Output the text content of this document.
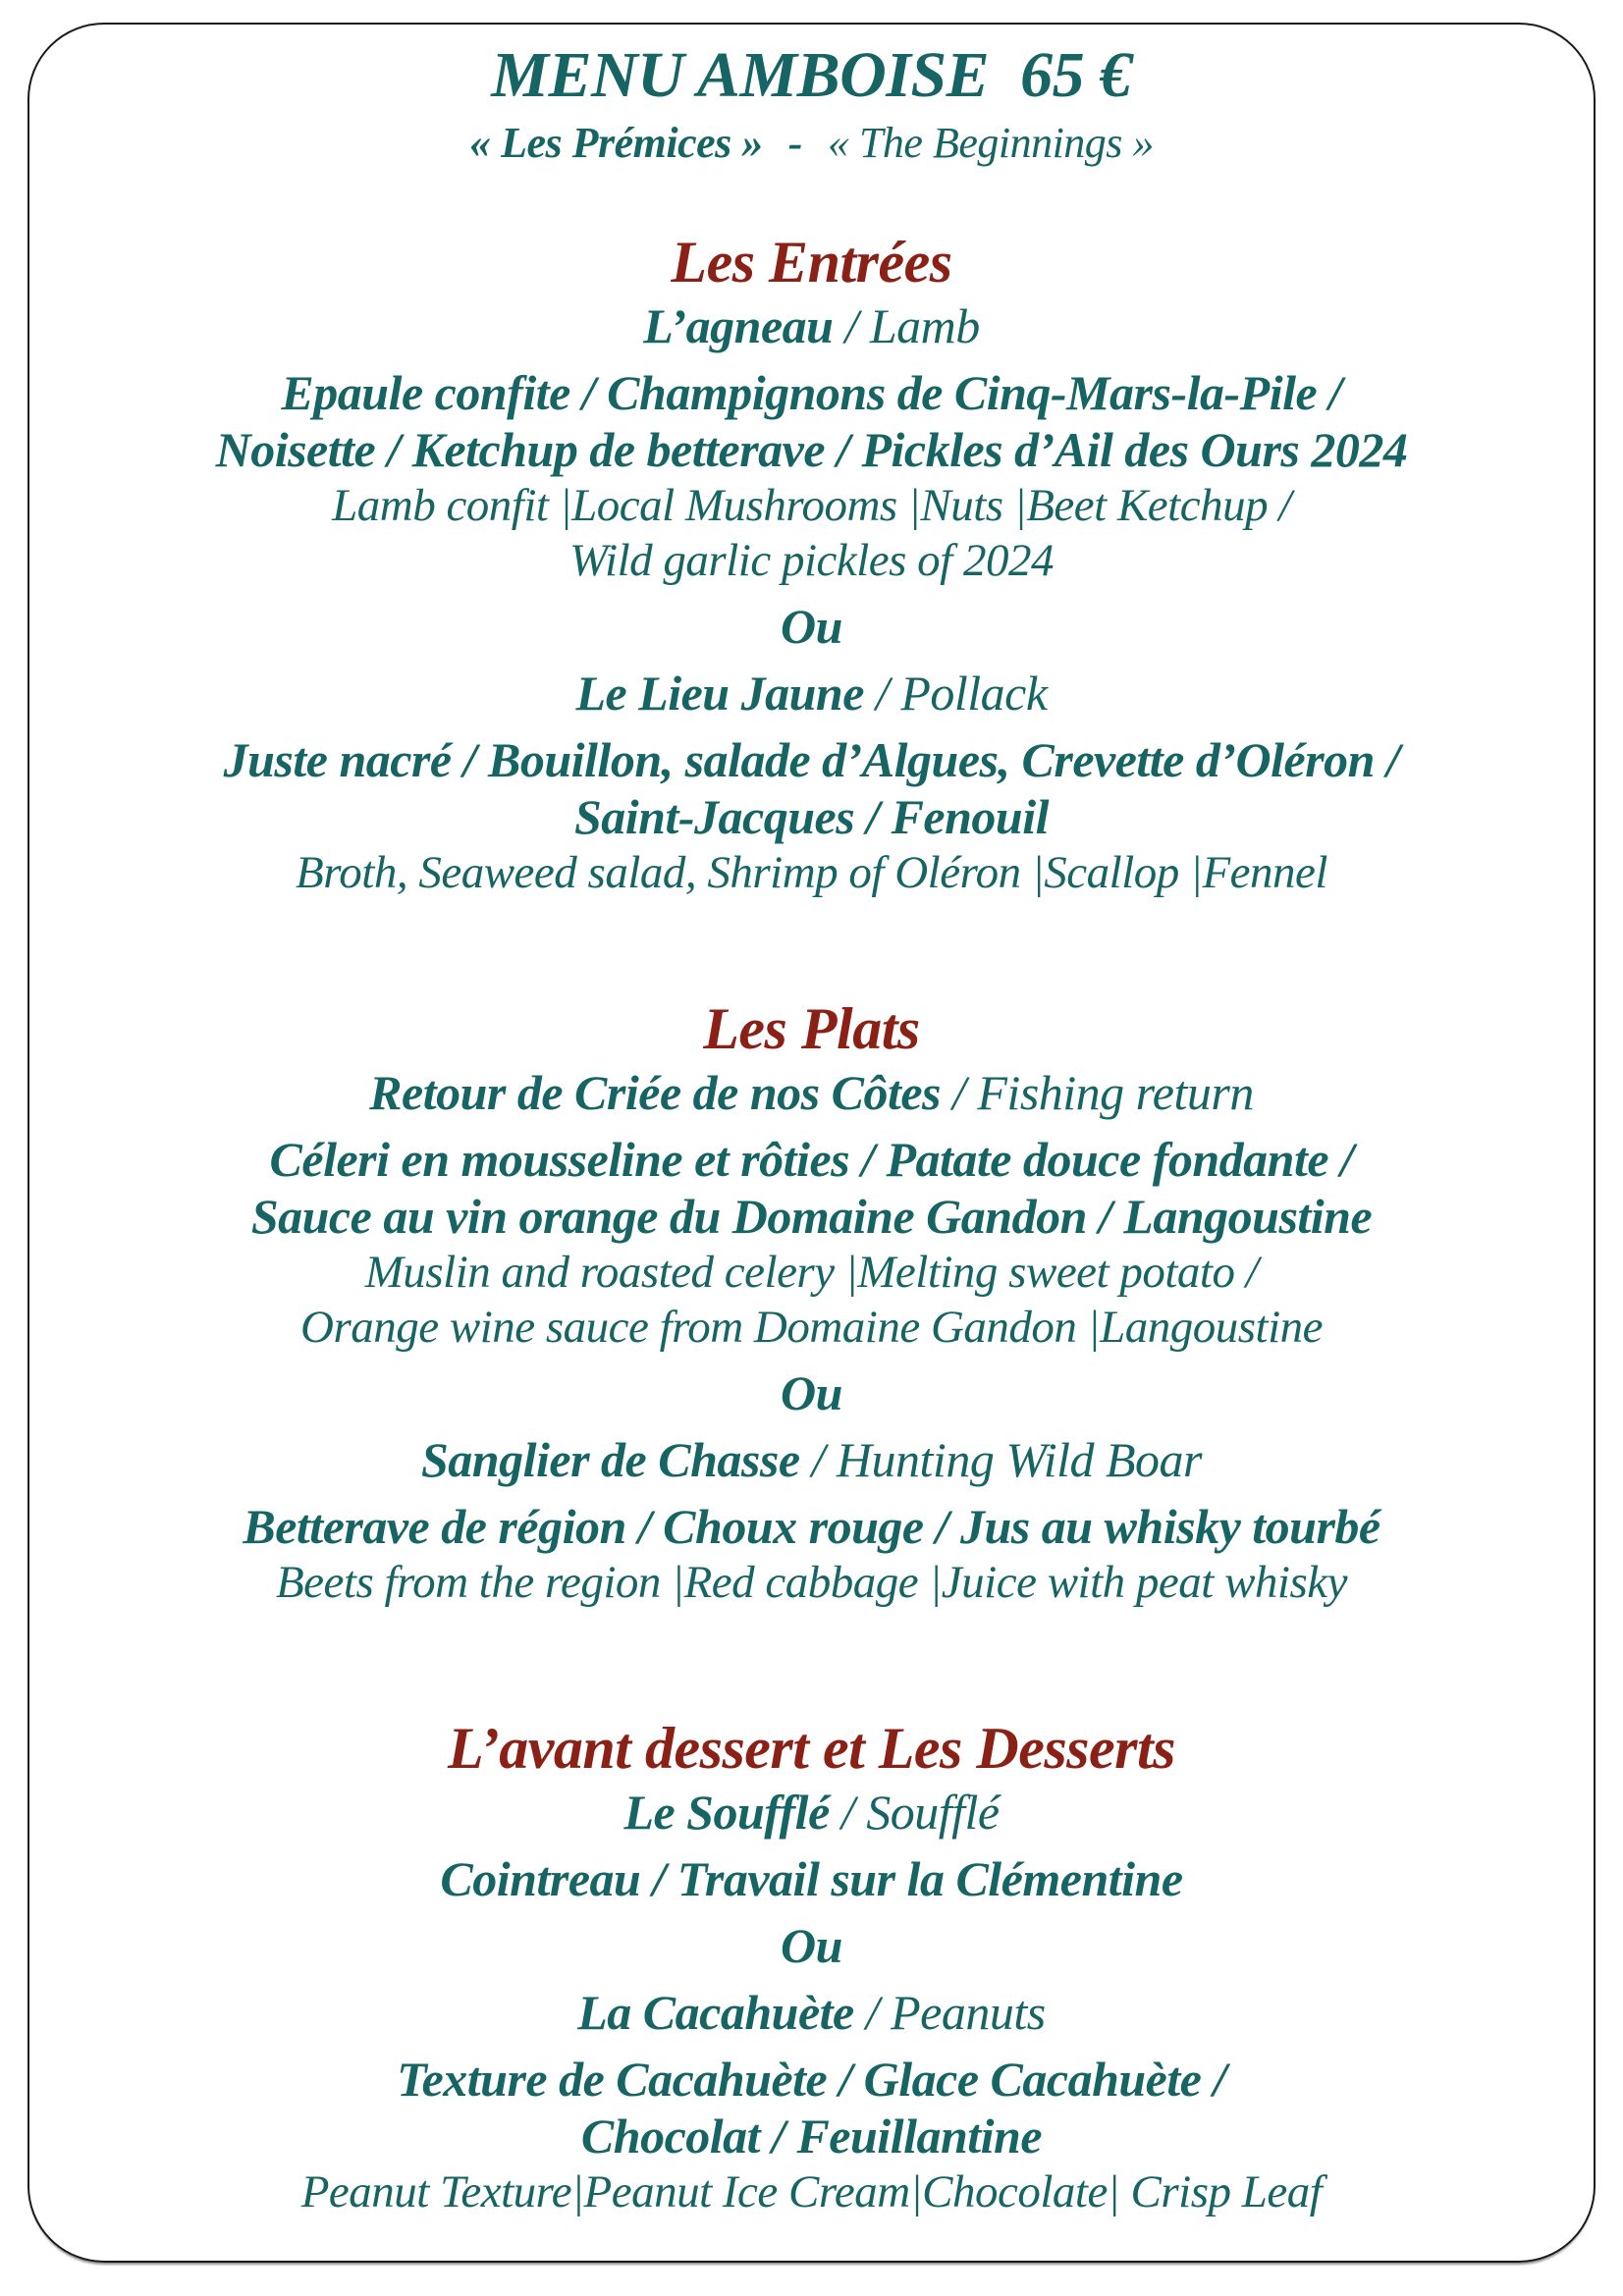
MENU AMBOISE  65 €

« Les Prémices » - « The Beginnings »

Les Entrées

L’agneau / Lamb

Epaule confite / Champignons de Cinq-Mars-la-Pile /

Noisette / Ketchup de betterave / Pickles d’Ail des Ours 2024

Lamb confit |Local Mushrooms |Nuts |Beet Ketchup /

Wild garlic pickles of 2024

Ou

Le Lieu Jaune / Pollack

Juste nacré / Bouillon, salade d’Algues, Crevette d’Oléron /

Saint-Jacques / Fenouil

Broth, Seaweed salad, Shrimp of Oléron |Scallop |Fennel

Les Plats

Retour de Criée de nos Côtes / Fishing return

Céleri en mousseline et rôties / Patate douce fondante /

Sauce au vin orange du Domaine Gandon / Langoustine

Muslin and roasted celery |Melting sweet potato /

Orange wine sauce from Domaine Gandon |Langoustine

Ou

Sanglier de Chasse / Hunting Wild Boar

Betterave de région / Choux rouge / Jus au whisky tourbé

Beets from the region |Red cabbage |Juice with peat whisky

L’avant dessert et Les Desserts

Le Soufflé / Soufflé

Cointreau / Travail sur la Clémentine

Ou

La Cacahuète / Peanuts

Texture de Cacahuète / Glace Cacahuète /

Chocolat / Feuillantine

Peanut Texture|Peanut Ice Cream|Chocolate| Crisp Leaf
